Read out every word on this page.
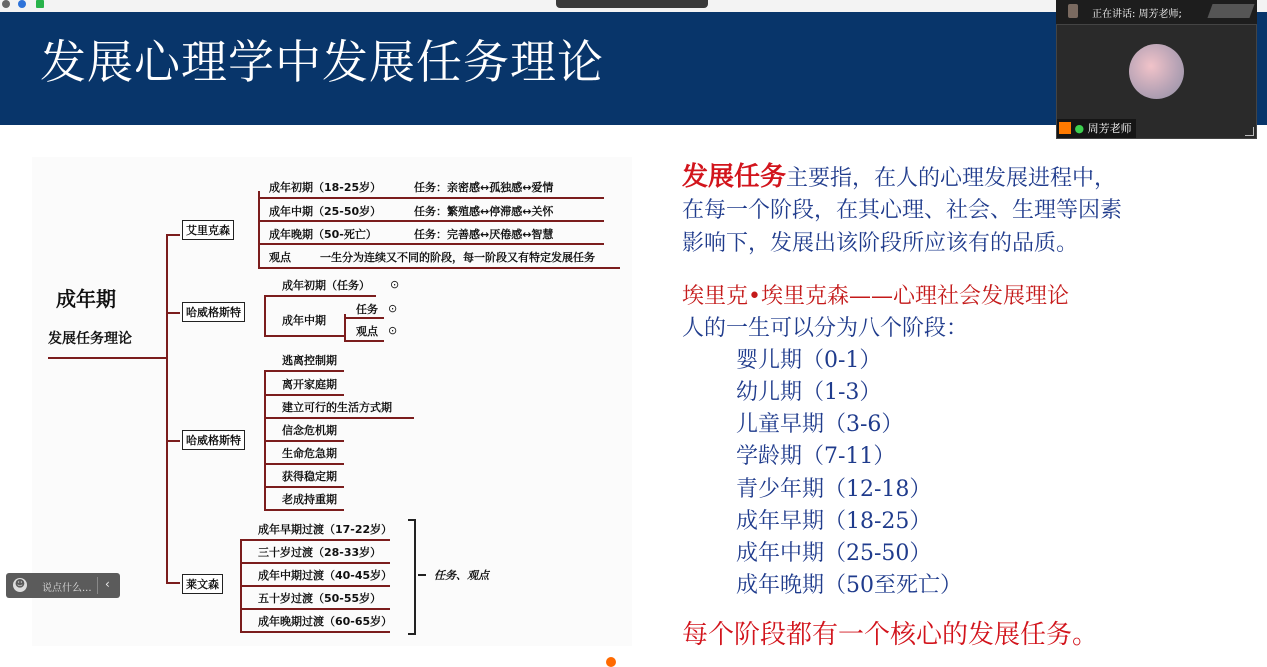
发展心理学中发展任务理论
正在讲话: 周芳老师;
● 周芳老师
成年期
发展任务理论
艾里克森
成年初期（18-25岁）	任务：亲密感↔孤独感↔爱情
成年中期（25-50岁）	任务：繁殖感↔停滞感↔关怀
成年晚期（50-死亡）	任务：完善感↔厌倦感↔智慧
观点	一生分为连续又不同的阶段，每一阶段又有特定发展任务
哈威格斯特
成年初期（任务） ⊙
成年中期
任务 ⊙
观点 ⊙
哈威格斯特
逃离控制期
离开家庭期
建立可行的生活方式期
信念危机期
生命危急期
获得稳定期
老成持重期
莱文森
成年早期过渡（17-22岁）
三十岁过渡（28-33岁）
成年中期过渡（40-45岁）
五十岁过渡（50-55岁）
成年晚期过渡（60-65岁）
任务、观点
发展任务主要指，在人的心理发展进程中，
在每一个阶段，在其心理、社会、生理等因素
影响下，发展出该阶段所应该有的品质。
埃里克•埃里克森——心理社会发展理论
人的一生可以分为八个阶段：
婴儿期（0-1）
幼儿期（1-3）
儿童早期（3-6）
学龄期（7-11）
青少年期（12-18）
成年早期（18-25）
成年中期（25-50）
成年晚期（50至死亡）
每个阶段都有一个核心的发展任务。
☻ 说点什么... ‹
